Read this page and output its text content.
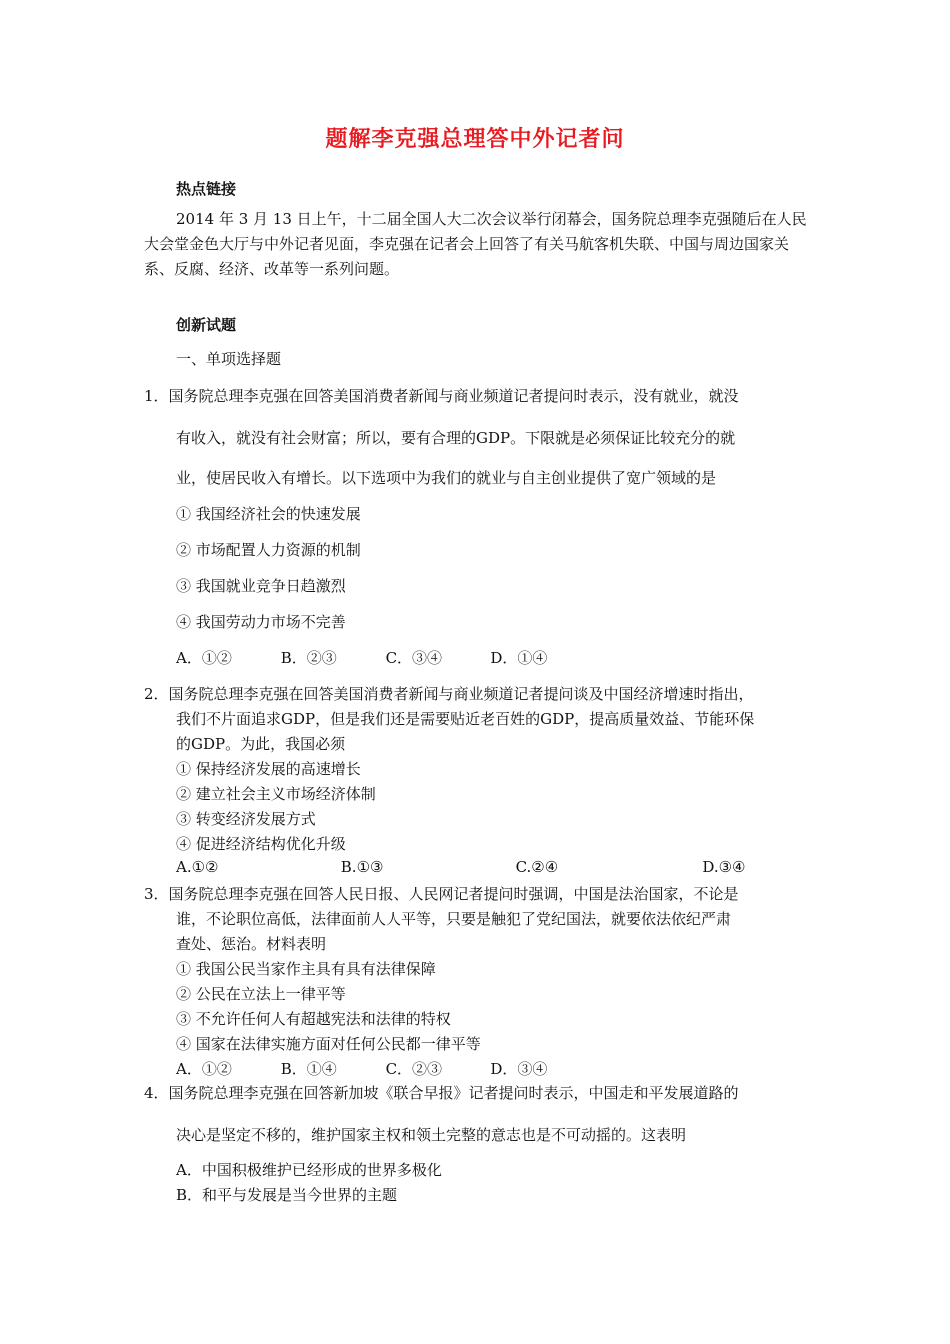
题解李克强总理答中外记者问
热点链接
2014 年 3 月 13 日上午，十二届全国人大二次会议举行闭幕会，国务院总理李克强随后在人民大会堂金色大厅与中外记者见面，李克强在记者会上回答了有关马航客机失联、中国与周边国家关系、反腐、经济、改革等一系列问题。
创新试题
一、单项选择题
1．国务院总理李克强在回答美国消费者新闻与商业频道记者提问时表示，没有就业，就没
有收入，就没有社会财富；所以，要有合理的GDP。下限就是必须保证比较充分的就
业，使居民收入有增长。以下选项中为我们的就业与自主创业提供了宽广领域的是
① 我国经济社会的快速发展
② 市场配置人力资源的机制
③ 我国就业竞争日趋激烈
④ 我国劳动力市场不完善
A．①②	B．②③	C．③④	D．①④
2．国务院总理李克强在回答美国消费者新闻与商业频道记者提问谈及中国经济增速时指出，
我们不片面追求GDP，但是我们还是需要贴近老百姓的GDP，提高质量效益、节能环保
的GDP。为此，我国必须
① 保持经济发展的高速增长
② 建立社会主义市场经济体制
③ 转变经济发展方式
④ 促进经济结构优化升级
A.①②	B.①③	C.②④	D.③④
3．国务院总理李克强在回答人民日报、人民网记者提问时强调，中国是法治国家，不论是
谁，不论职位高低，法律面前人人平等，只要是触犯了党纪国法，就要依法依纪严肃
查处、惩治。材料表明
① 我国公民当家作主具有具有法律保障
② 公民在立法上一律平等
③ 不允许任何人有超越宪法和法律的特权
④ 国家在法律实施方面对任何公民都一律平等
A．①②	B．①④	C．②③	D．③④
4．国务院总理李克强在回答新加坡《联合早报》记者提问时表示，中国走和平发展道路的
决心是坚定不移的，维护国家主权和领土完整的意志也是不可动摇的。这表明
A．中国积极维护已经形成的世界多极化
B．和平与发展是当今世界的主题
